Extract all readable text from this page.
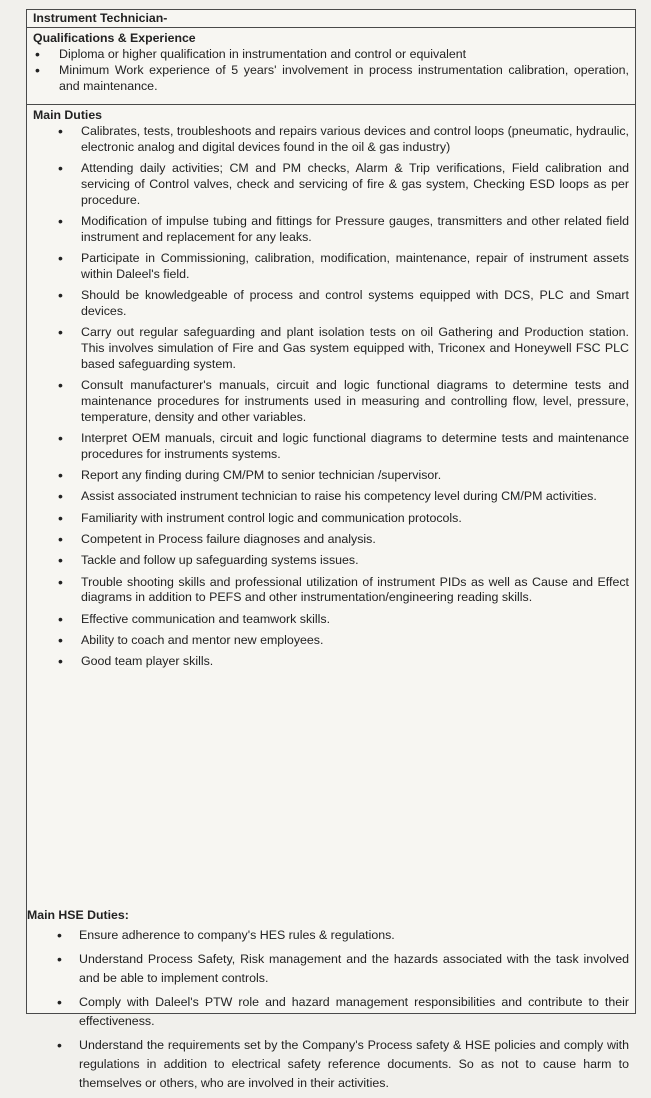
Instrument Technician-
Qualifications & Experience
• Diploma or higher qualification in instrumentation and control or equivalent
• Minimum Work experience of 5 years' involvement in process instrumentation calibration, operation, and maintenance.
Main Duties
• Calibrates, tests, troubleshoots and repairs various devices and control loops (pneumatic, hydraulic, electronic analog and digital devices found in the oil & gas industry)
• Attending daily activities; CM and PM checks, Alarm & Trip verifications, Field calibration and servicing of Control valves, check and servicing of fire & gas system, Checking ESD loops as per procedure.
• Modification of impulse tubing and fittings for Pressure gauges, transmitters and other related field instrument and replacement for any leaks.
• Participate in Commissioning, calibration, modification, maintenance, repair of instrument assets within Daleel's field.
• Should be knowledgeable of process and control systems equipped with DCS, PLC and Smart devices.
• Carry out regular safeguarding and plant isolation tests on oil Gathering and Production station. This involves simulation of Fire and Gas system equipped with, Triconex and Honeywell FSC PLC based safeguarding system.
• Consult manufacturer's manuals, circuit and logic functional diagrams to determine tests and maintenance procedures for instruments used in measuring and controlling flow, level, pressure, temperature, density and other variables.
• Interpret OEM manuals, circuit and logic functional diagrams to determine tests and maintenance procedures for instruments systems.
• Report any finding during CM/PM to senior technician /supervisor.
• Assist associated instrument technician to raise his competency level during CM/PM activities.
• Familiarity with instrument control logic and communication protocols.
• Competent in Process failure diagnoses and analysis.
• Tackle and follow up safeguarding systems issues.
• Trouble shooting skills and professional utilization of instrument PIDs as well as Cause and Effect diagrams in addition to PEFS and other instrumentation/engineering reading skills.
• Effective communication and teamwork skills.
• Ability to coach and mentor new employees.
• Good team player skills.
Main HSE Duties:
• Ensure adherence to company's HES rules & regulations.
• Understand Process Safety, Risk management and the hazards associated with the task involved and be able to implement controls.
• Comply with Daleel's PTW role and hazard management responsibilities and contribute to their effectiveness.
• Understand the requirements set by the Company's Process safety & HSE policies and comply with regulations in addition to electrical safety reference documents. So as not to cause harm to themselves or others, who are involved in their activities.
